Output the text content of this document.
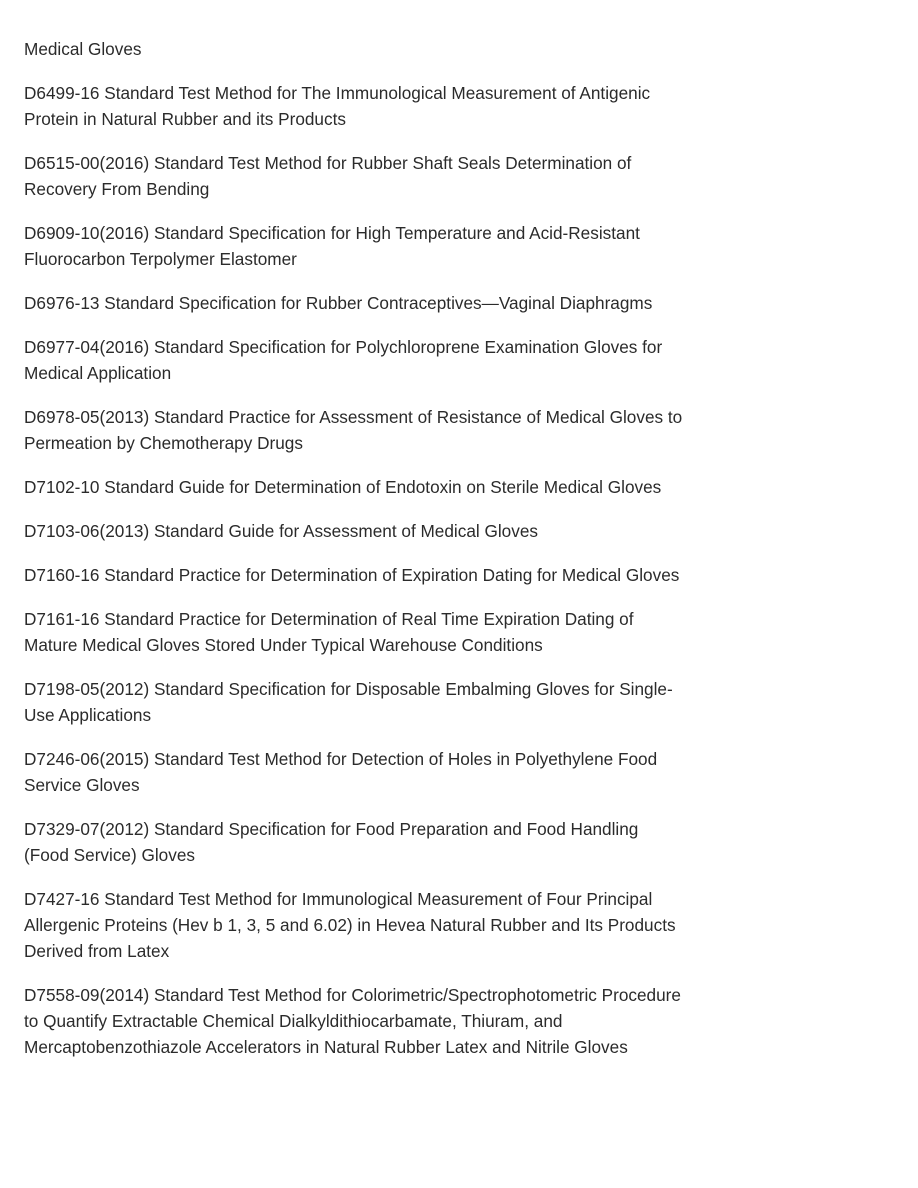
Medical Gloves

D6499-16 Standard Test Method for The Immunological Measurement of Antigenic Protein in Natural Rubber and its Products

D6515-00(2016) Standard Test Method for Rubber Shaft Seals Determination of Recovery From Bending

D6909-10(2016) Standard Specification for High Temperature and Acid-Resistant Fluorocarbon Terpolymer Elastomer

D6976-13 Standard Specification for Rubber Contraceptives—Vaginal Diaphragms

D6977-04(2016) Standard Specification for Polychloroprene Examination Gloves for Medical Application

D6978-05(2013) Standard Practice for Assessment of Resistance of Medical Gloves to Permeation by Chemotherapy Drugs

D7102-10 Standard Guide for Determination of Endotoxin on Sterile Medical Gloves

D7103-06(2013) Standard Guide for Assessment of Medical Gloves

D7160-16 Standard Practice for Determination of Expiration Dating for Medical Gloves

D7161-16 Standard Practice for Determination of Real Time Expiration Dating of Mature Medical Gloves Stored Under Typical Warehouse Conditions

D7198-05(2012) Standard Specification for Disposable Embalming Gloves for Single-Use Applications

D7246-06(2015) Standard Test Method for Detection of Holes in Polyethylene Food Service Gloves

D7329-07(2012) Standard Specification for Food Preparation and Food Handling (Food Service) Gloves

D7427-16 Standard Test Method for Immunological Measurement of Four Principal Allergenic Proteins (Hev b 1, 3, 5 and 6.02) in Hevea Natural Rubber and Its Products Derived from Latex

D7558-09(2014) Standard Test Method for Colorimetric/Spectrophotometric Procedure to Quantify Extractable Chemical Dialkyldithiocarbamate, Thiuram, and Mercaptobenzothiazole Accelerators in Natural Rubber Latex and Nitrile Gloves
